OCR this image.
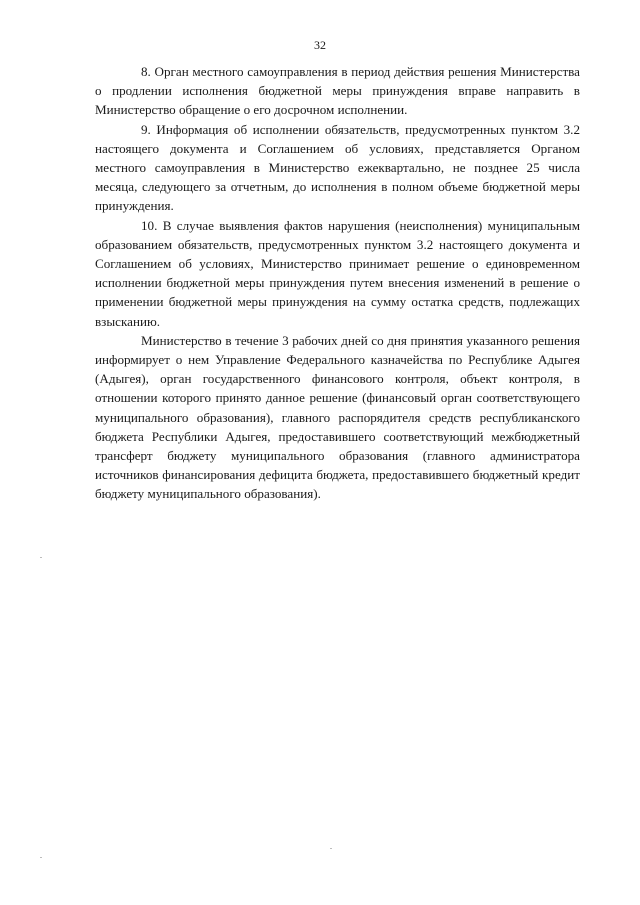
32

8. Орган местного самоуправления в период действия решения Министерства о продлении исполнения бюджетной меры принуждения вправе направить в Министерство обращение о его досрочном исполнении.

9. Информация об исполнении обязательств, предусмотренных пунктом 3.2 настоящего документа и Соглашением об условиях, представляется Органом местного самоуправления в Министерство ежеквартально, не позднее 25 числа месяца, следующего за отчетным, до исполнения в полном объеме бюджетной меры принуждения.

10. В случае выявления фактов нарушения (неисполнения) муниципальным образованием обязательств, предусмотренных пунктом 3.2 настоящего документа и Соглашением об условиях, Министерство принимает решение о единовременном исполнении бюджетной меры принуждения путем внесения изменений в решение о применении бюджетной меры принуждения на сумму остатка средств, подлежащих взысканию.

Министерство в течение 3 рабочих дней со дня принятия указанного решения информирует о нем Управление Федерального казначейства по Республике Адыгея (Адыгея), орган государственного финансового контроля, объект контроля, в отношении которого принято данное решение (финансовый орган соответствующего муниципального образования), главного распорядителя средств республиканского бюджета Республики Адыгея, предоставившего соответствующий межбюджетный трансферт бюджету муниципального образования (главного администратора источников финансирования дефицита бюджета, предоставившего бюджетный кредит бюджету муниципального образования).
